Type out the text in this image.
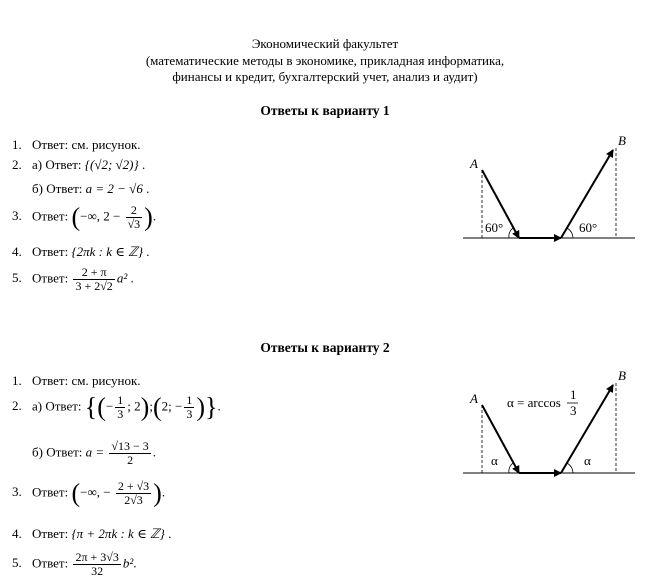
Экономический факультет
(математические методы в экономике, прикладная информатика,
финансы и кредит, бухгалтерский учет, анализ и аудит)
Ответы к варианту 1
1. Ответ: см. рисунок.
2. а) Ответ: {(√2; √2)} .
б) Ответ: a = 2 − √6 .
3. Ответ: (−∞, $2 - \frac{2}{√3}$ ).
4. Ответ: {2πk : k ∈ ℤ} .
5. Ответ: $\frac{2 + \pi}{3 + 2√2} a^2$ .
A
B
60°	60°
Ответы к варианту 2
1. Ответ: см. рисунок.
2. а) Ответ: {(− $\frac{1}{3}$ ; 2);(2; − $\frac{1}{3}$ )}.
б) Ответ: $a = \frac{√13 - 3}{2}$ .
3. Ответ: (−∞, − $\frac{2 + √3}{2√3}$ ).
4. Ответ: {π + 2πk : k ∈ ℤ} .
5. Ответ: $\frac{2\pi + 3√3}{32} b^2$.
A
B
α	α
α = arccos
1
3
